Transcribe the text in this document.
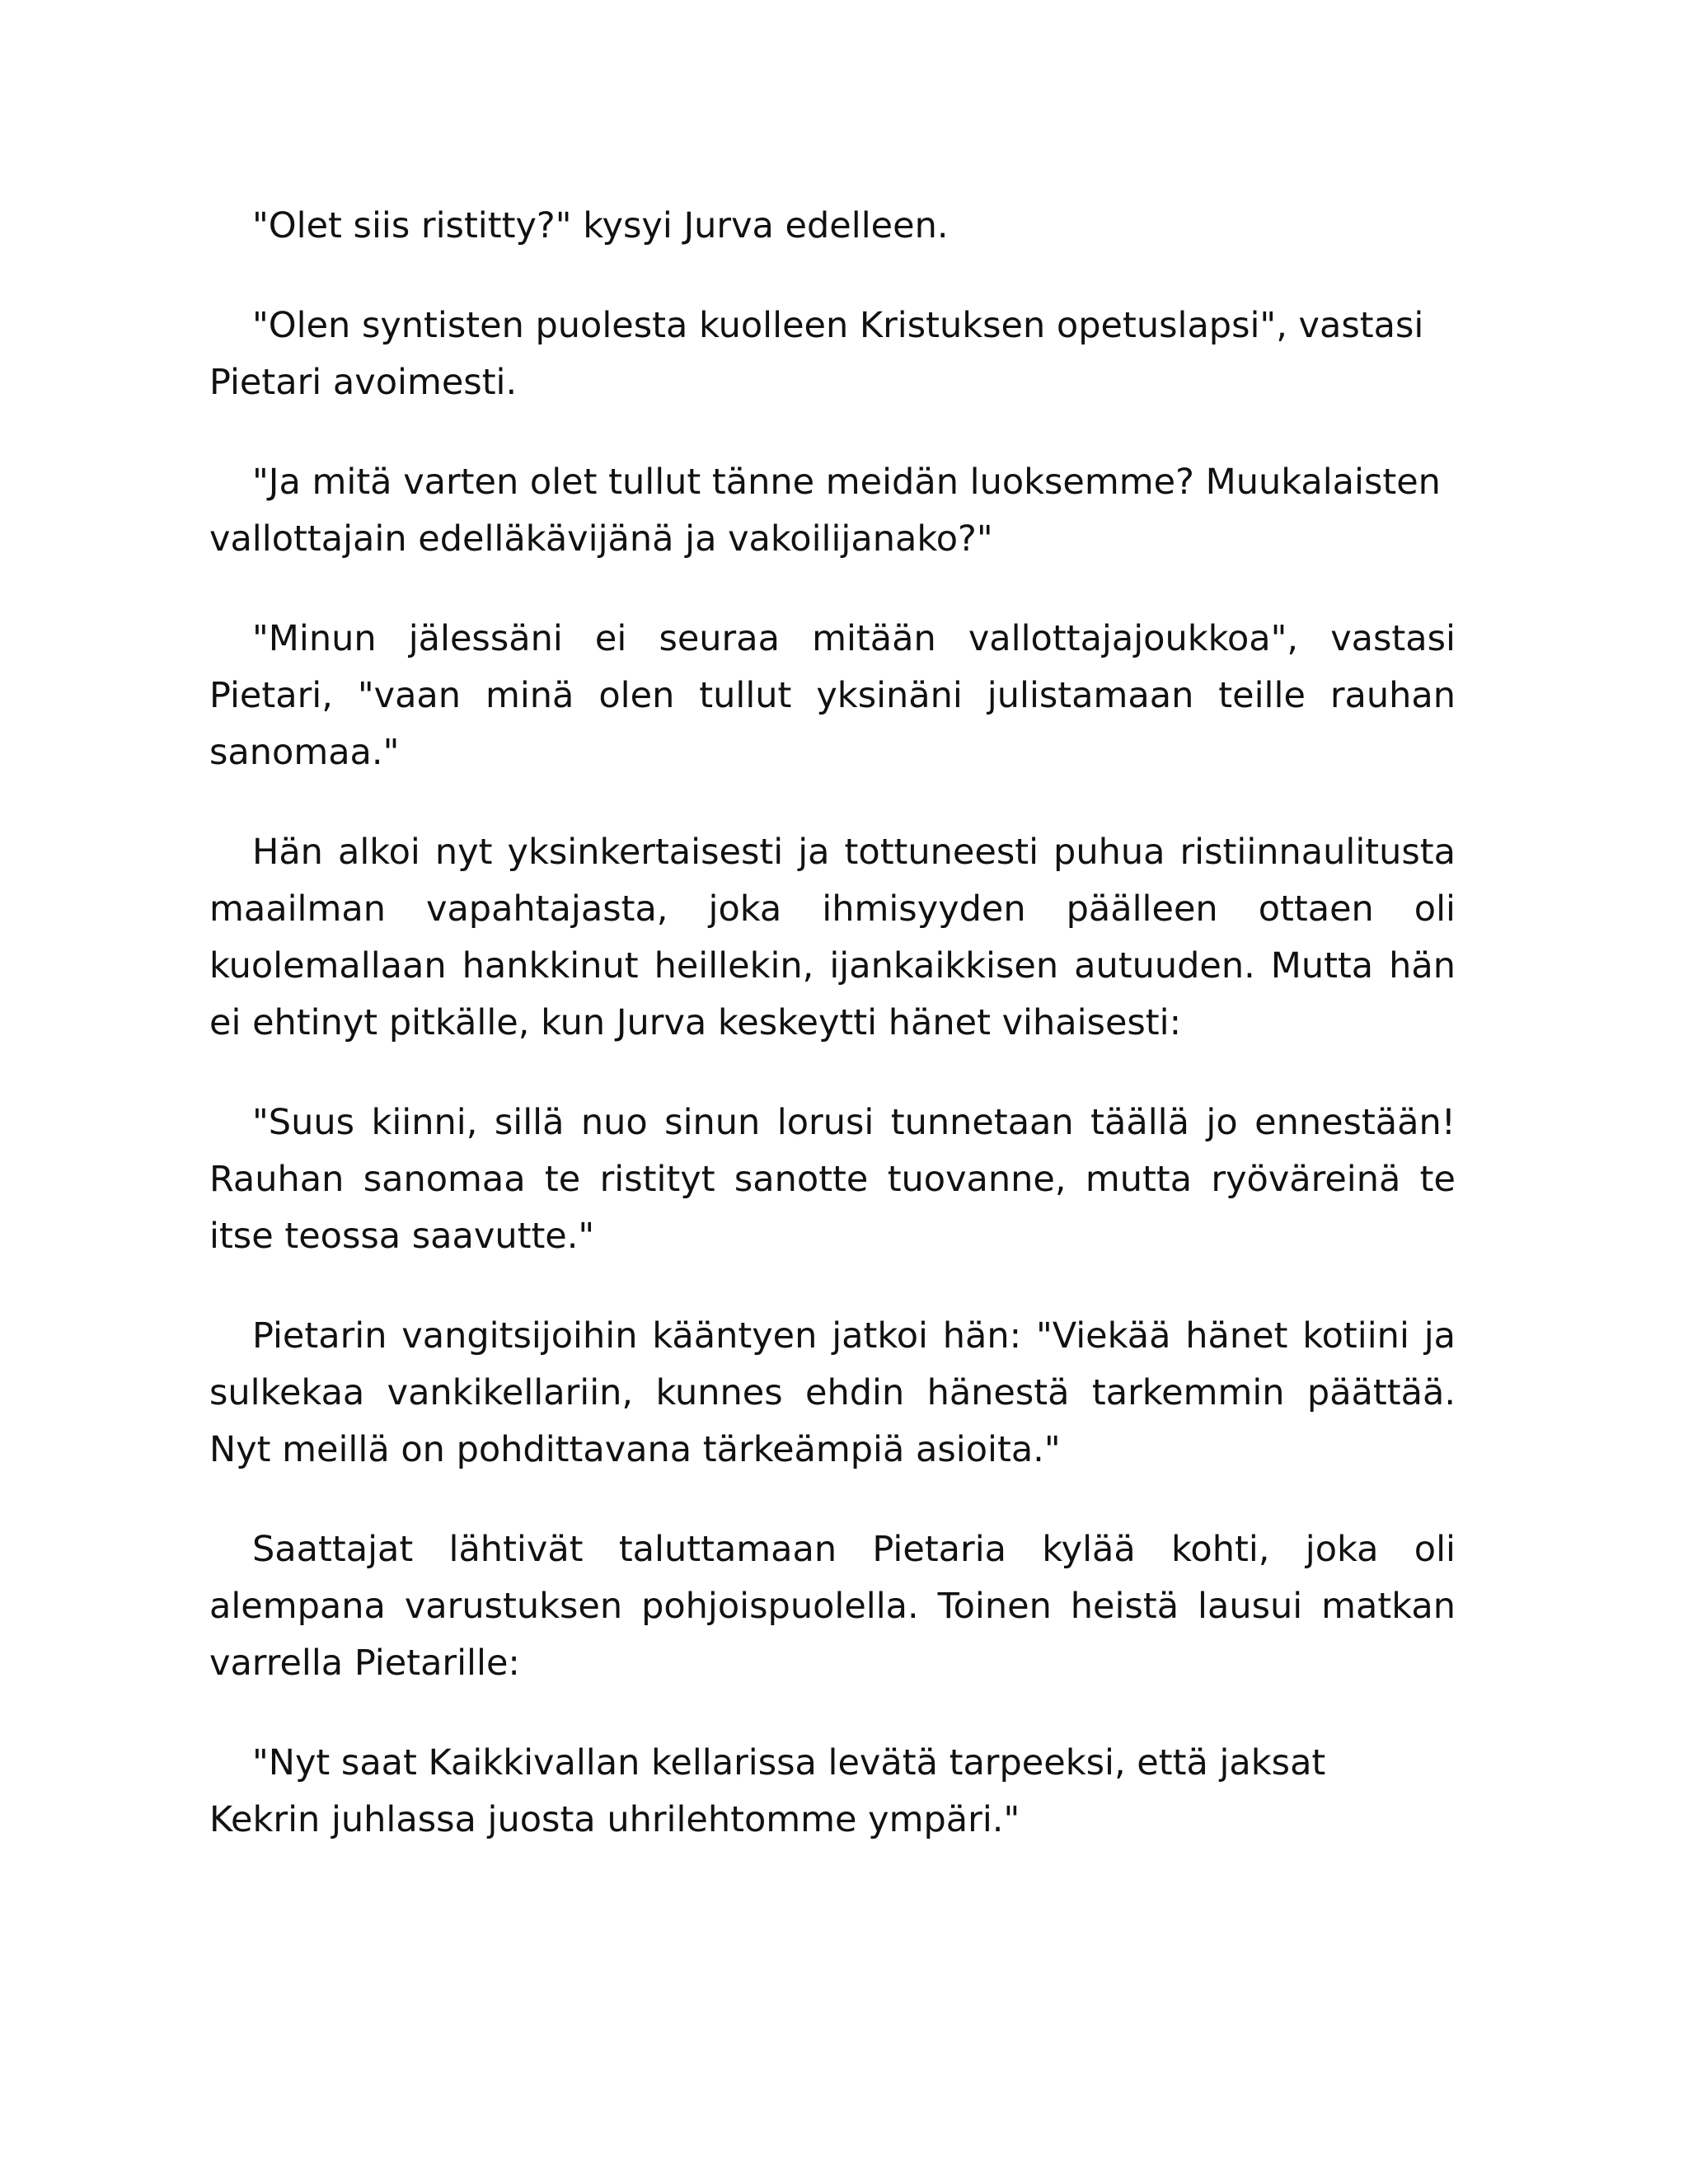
"Olet siis ristitty?" kysyi Jurva edelleen.

"Olen syntisten puolesta kuolleen Kristuksen opetuslapsi", vastasi Pietari avoimesti.

"Ja mitä varten olet tullut tänne meidän luoksemme? Muukalaisten vallottajain edelläkävijänä ja vakoilijanako?"

"Minun jälessäni ei seuraa mitään vallottajajoukkoa", vastasi Pietari, "vaan minä olen tullut yksinäni julistamaan teille rauhan sanomaa."

Hän alkoi nyt yksinkertaisesti ja tottuneesti puhua ristiinnaulitusta maailman vapahtajasta, joka ihmisyyden päälleen ottaen oli kuolemallaan hankkinut heillekin, ijankaikkisen autuuden. Mutta hän ei ehtinyt pitkälle, kun Jurva keskeytti hänet vihaisesti:

"Suus kiinni, sillä nuo sinun lorusi tunnetaan täällä jo ennestään! Rauhan sanomaa te ristityt sanotte tuovanne, mutta ryöväreinä te itse teossa saavutte."

Pietarin vangitsijoihin kääntyen jatkoi hän: "Viekää hänet kotiini ja sulkekaa vankikellariin, kunnes ehdin hänestä tarkemmin päättää. Nyt meillä on pohdittavana tärkeämpiä asioita."

Saattajat lähtivät taluttamaan Pietaria kylää kohti, joka oli alempana varustuksen pohjoispuolella. Toinen heistä lausui matkan varrella Pietarille:

"Nyt saat Kaikkivallan kellarissa levätä tarpeeksi, että jaksat
Kekrin juhlassa juosta uhrilehtomme ympäri."
